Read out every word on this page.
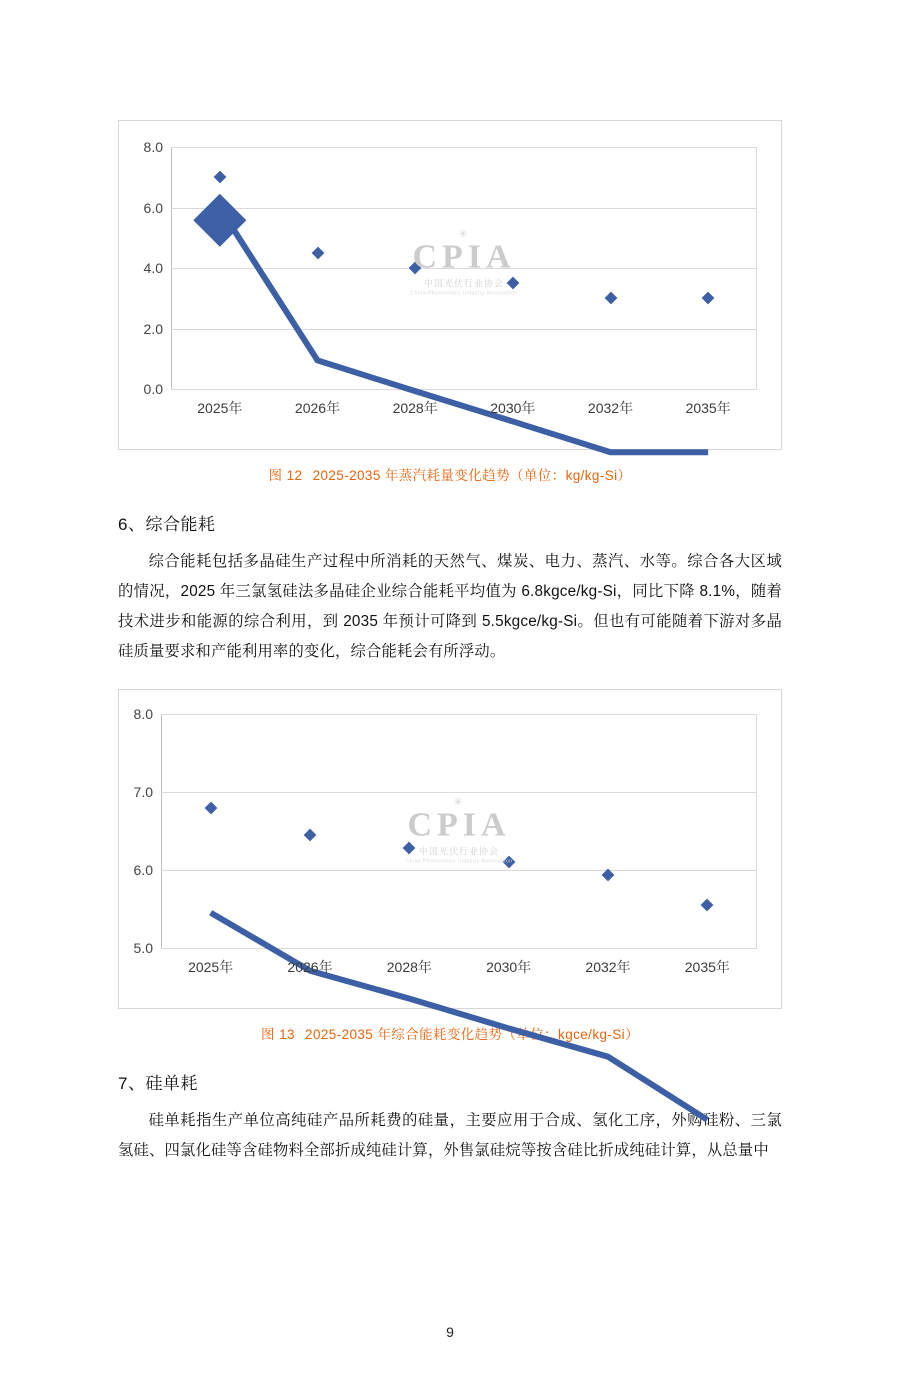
8.0
6.0
4.0
2.0
0.0
2025年	2026年	2028年	2030年	2032年	2035年
✳
CPIA
中国光伏行业协会
China Photovoltaic Industry Association
图 12 2025-2035 年蒸汽耗量变化趋势（单位：kg/kg-Si）
6、综合能耗

综合能耗包括多晶硅生产过程中所消耗的天然气、煤炭、电力、蒸汽、水等。综合各大区域的情况，2025 年三氯氢硅法多晶硅企业综合能耗平均值为 6.8kgce/kg-Si，同比下降 8.1%，随着技术进步和能源的综合利用，到 2035 年预计可降到 5.5kgce/kg-Si。但也有可能随着下游对多晶硅质量要求和产能利用率的变化，综合能耗会有所浮动。

8.0
7.0
6.0
5.0
2025年	2026年	2028年	2030年	2032年	2035年
✳
CPIA
中国光伏行业协会
China Photovoltaic Industry Association
图 13 2025-2035 年综合能耗变化趋势（单位：kgce/kg-Si）
7、硅单耗

硅单耗指生产单位高纯硅产品所耗费的硅量，主要应用于合成、氢化工序，外购硅粉、三氯氢硅、四氯化硅等含硅物料全部折成纯硅计算，外售氯硅烷等按含硅比折成纯硅计算，从总量中

9
